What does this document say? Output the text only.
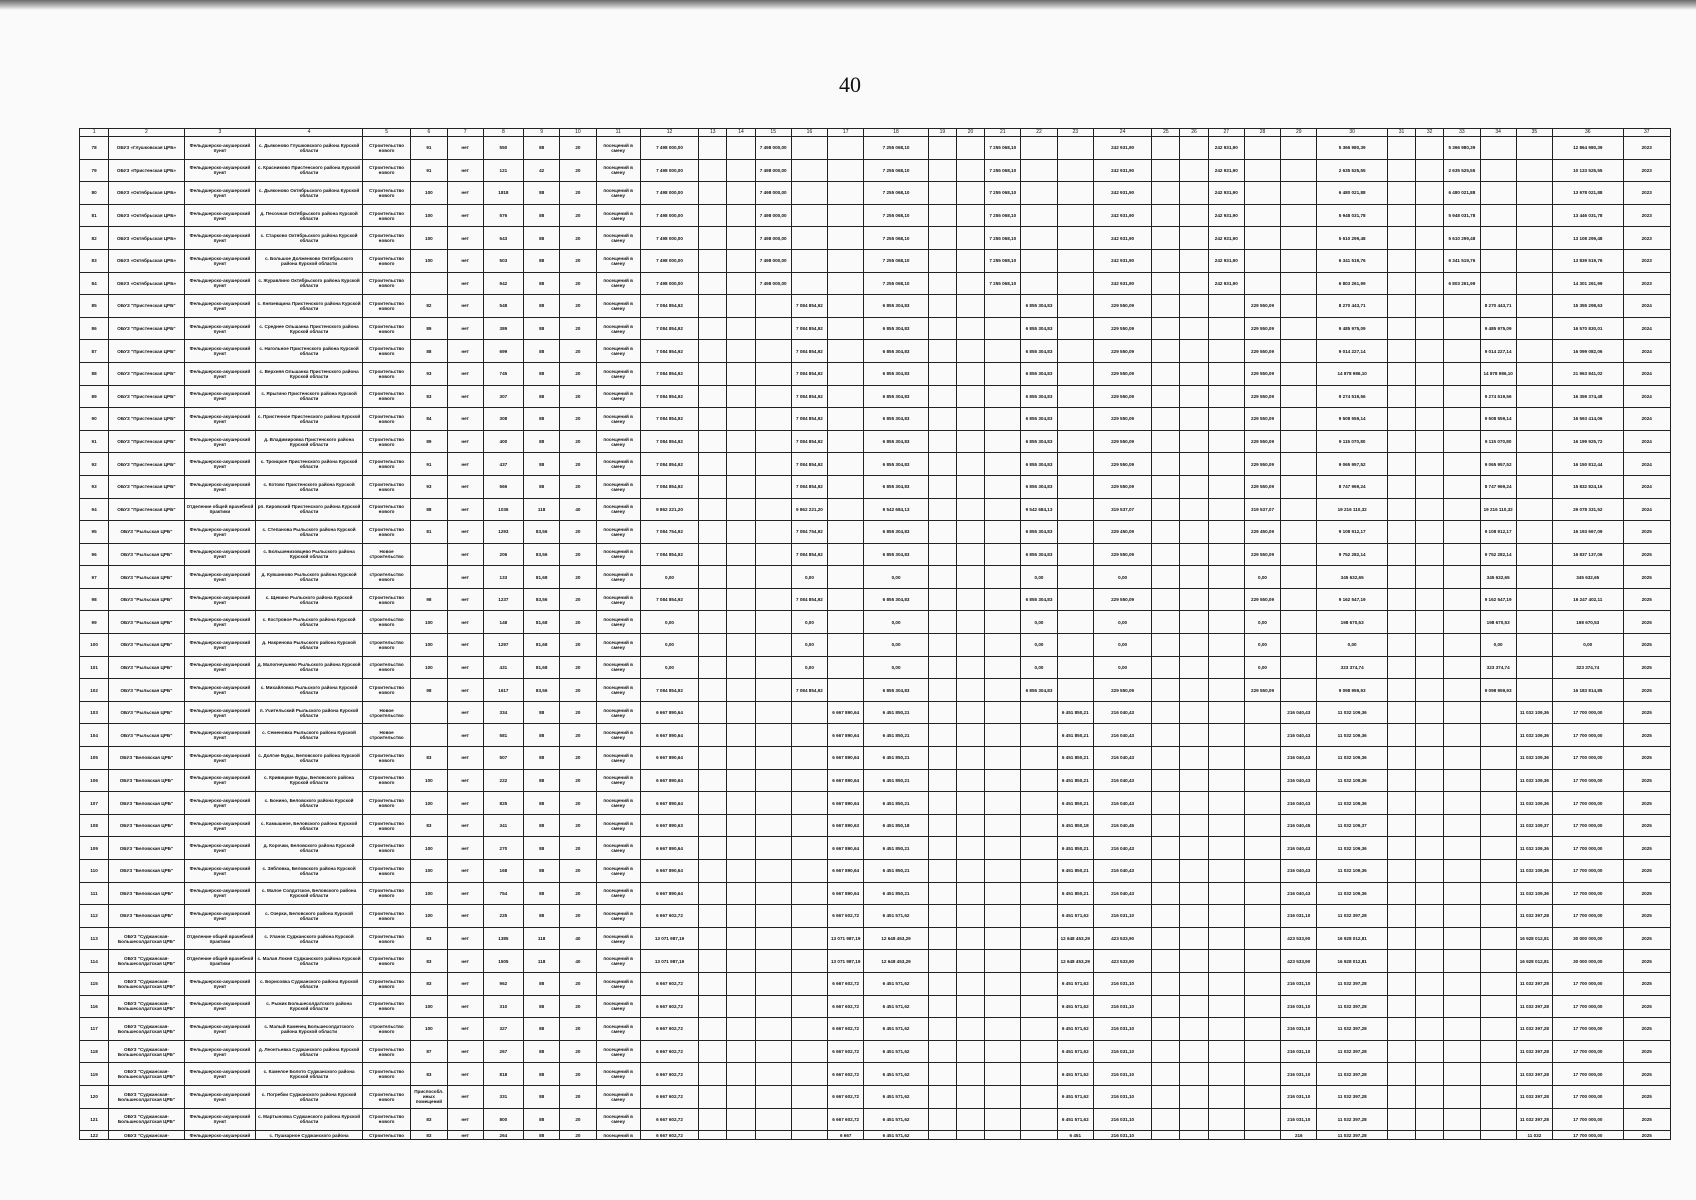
40
1	2	3	4	5	6	7	8	9	10	11	12	13	14	15	16	17	18	19	20	21	22	23	24	25	26	27	28	29	30	31	32	33	34	35	36	37
78	ОБУЗ «Глушковская ЦРБ»	Фельдшерско-акушерский пункт	с. Дьяконово Глушковского района Курской области	Строительство нового	91	нет	550	88	20	посещений в смену	7 498 000,00			7 498 000,00			7 255 068,10			7 255 068,10			242 931,90			242 931,90			5 366 980,39			5 366 980,39			12 864 980,39	2023
79	ОБУЗ «Пристенская ЦРБ»	Фельдшерско-акушерский пункт	с. Красниково Пристенского района Курской области	Строительство нового	91	нет	121	42	20	посещений в смену	7 498 000,00			7 498 000,00			7 255 068,10			7 255 068,10			242 931,90			242 931,90			2 635 525,55			2 635 525,55			10 133 525,55	2023
80	ОБУЗ «Октябрьская ЦРБ»	Фельдшерско-акушерский пункт	с. Дьяконово Октябрьского района Курской области	Строительство нового	100	нет	1818	88	20	посещений в смену	7 498 000,00			7 498 000,00			7 255 068,10			7 255 068,10			242 931,90			242 931,90			6 480 021,88			6 480 021,88			13 978 021,88	2023
81	ОБУЗ «Октябрьская ЦРБ»	Фельдшерско-акушерский пункт	д. Песочная Октябрьского района Курской области	Строительство нового	100	нет	576	88	20	посещений в смену	7 498 000,00			7 498 000,00			7 255 068,10			7 255 068,10			242 931,90			242 931,90			5 948 031,78			5 948 031,78			13 446 031,78	2023
82	ОБУЗ «Октябрьская ЦРБ»	Фельдшерско-акушерский пункт	с. Старково Октябрьского района Курской области	Строительство нового	100	нет	643	88	20	посещений в смену	7 498 000,00			7 498 000,00			7 255 068,10			7 255 068,10			242 931,90			242 931,90			5 610 299,48			5 610 299,48			13 108 299,48	2023
83	ОБУЗ «Октябрьская ЦРБ»	Фельдшерско-акушерский пункт	с. Большое Долженково Октябрьского района Курской области	Строительство нового	100	нет	503	88	20	посещений в смену	7 498 000,00			7 498 000,00			7 255 068,10			7 255 068,10			242 931,90			242 931,90			6 341 519,76			6 341 519,76			13 839 519,76	2023
84	ОБУЗ «Октябрьская ЦРБ»	Фельдшерско-акушерский пункт	с. Журавлино Октябрьского района Курской области	Строительство нового		нет	942	88	20	посещений в смену	7 498 000,00			7 498 000,00			7 255 068,10			7 255 068,10			242 931,90			242 931,90			6 803 261,99			6 803 261,99			14 301 261,99	2023
85	ОБУЗ "Пристенская ЦРБ"	Фельдшерско-акушерский пункт	с. Князевщина Пристенского района Курской области	Строительство нового	82	нет	548	88	20	посещений в смену	7 084 854,92				7 084 854,92		6 855 304,83				6 855 304,83		229 550,09				229 550,09		8 270 443,71				8 270 443,71		15 355 298,63	2024
86	ОБУЗ "Пристенская ЦРБ"	Фельдшерско-акушерский пункт	с. Среднее Ольшанка Пристенского района Курской области	Строительство нового	89	нет	389	88	20	посещений в смену	7 084 854,92				7 084 854,92		6 855 304,83				6 855 304,83		229 550,09				229 550,09		9 485 975,09				9 485 975,09		16 570 830,01	2024
87	ОБУЗ "Пристенская ЦРБ"	Фельдшерско-акушерский пункт	с. Нагольное Пристенского района Курской области	Строительство нового	88	нет	699	88	20	посещений в смену	7 084 854,92				7 084 854,92		6 855 304,83				6 855 304,83		229 550,09				229 550,09		9 014 227,14				9 014 227,14		16 099 082,06	2024
88	ОБУЗ "Пристенская ЦРБ"	Фельдшерско-акушерский пункт	с. Верхняя Ольшанка Пристенского района Курской области	Строительство нового	93	нет	745	88	20	посещений в смену	7 084 854,92				7 084 854,92		6 855 304,83				6 855 304,83		229 550,09				229 550,09		14 878 986,10				14 878 986,10		21 963 841,02	2024
89	ОБУЗ "Пристенская ЦРБ"	Фельдшерско-акушерский пункт	с. Ярыгино Пристенского района Курской области	Строительство нового	83	нет	307	88	20	посещений в смену	7 084 854,92				7 084 854,92		6 855 304,83				6 855 304,83		229 550,09				229 550,09		9 274 519,56				9 274 519,56		16 359 374,48	2024
90	ОБУЗ "Пристенская ЦРБ"	Фельдшерско-акушерский пункт	с. Пристенное Пристенского района Курской области	Строительство нового	84	нет	308	88	20	посещений в смену	7 084 854,92				7 084 854,92		6 855 304,83				6 855 304,83		229 550,09				229 550,09		9 508 559,14				9 508 559,14		16 593 414,06	2024
91	ОБУЗ "Пристенская ЦРБ"	Фельдшерско-акушерский пункт	д. Владимировка Пристенского района Курской области	Строительство нового	89	нет	400	88	20	посещений в смену	7 084 854,92				7 084 854,92		6 855 304,83				6 855 304,83		229 550,09				229 550,09		9 115 070,80				9 115 070,80		16 199 925,72	2024
92	ОБУЗ "Пристенская ЦРБ"	Фельдшерско-акушерский пункт	с. Троицкое Пристенского района Курской области	Строительство нового	91	нет	437	88	20	посещений в смену	7 084 854,92				7 084 854,92		6 855 304,83				6 855 304,83		229 550,09				229 550,09		9 065 957,52				9 065 957,52		16 150 812,44	2024
93	ОБУЗ "Пристенская ЦРБ"	Фельдшерско-акушерский пункт	с. Котово Пристенского района Курской области	Строительство нового	93	нет	566	88	20	посещений в смену	7 084 854,92				7 084 854,92		6 855 304,83				6 855 304,83		229 550,09				229 550,09		8 747 969,24				8 747 969,24		15 832 824,16	2024
94	ОБУЗ "Пристенская ЦРБ"	Отделение общей врачебной практики	рп. Кировский Пристенского района Курской области	Строительство нового	88	нет	1036	118	40	посещений в смену	9 862 221,20				9 862 221,20		9 542 684,13				9 542 684,13		319 537,07				319 537,07		19 216 110,32				19 216 110,32		29 078 331,52	2024
95	ОБУЗ "Рыльская ЦРБ"	Фельдшерско-акушерский пункт	с. Степанова Рыльского района Курской области	Строительство нового	81	нет	1293	83,56	20	посещений в смену	7 084 754,92				7 084 754,92		6 855 304,83				6 855 304,83		229 450,09				229 450,09		9 108 912,17				9 108 912,17		16 193 667,09	2025
96	ОБУЗ "Рыльская ЦРБ"	Фельдшерско-акушерский пункт	с. Большенизовцево Рыльского района Курской области	Новое строительство		нет	206	83,56	20	посещений в смену	7 084 854,92				7 084 854,92		6 855 304,83				6 855 304,83		229 550,09				229 550,09		9 752 282,14				9 752 282,14		16 837 137,06	2025
97	ОБУЗ "Рыльская ЦРБ"	Фельдшерско-акушерский пункт	д. Кувшиново Рыльского района Курской области	строительство нового		нет	133	81,68	20	посещений в смену	0,00				0,00		0,00				0,00		0,00				0,00		345 632,65				345 632,65		345 632,65	2025
98	ОБУЗ "Рыльская ЦРБ"	Фельдшерско-акушерский пункт	с. Щекино Рыльского района Курской области	Строительство нового	98	нет	1237	83,56	20	посещений в смену	7 084 854,92				7 084 854,92		6 855 304,83				6 855 304,83		229 550,09				229 550,09		9 162 547,19				9 162 547,19		16 247 402,11	2025
99	ОБУЗ "Рыльская ЦРБ"	Фельдшерско-акушерский пункт	с. Костровое Рыльского района Курской области	строительство нового	100	нет	148	81,68	20	посещений в смену	0,00				0,00		0,00				0,00		0,00				0,00		198 670,53				198 670,53		198 670,53	2025
100	ОБУЗ "Рыльская ЦРБ"	Фельдшерско-акушерский пункт	д. Накренова Рыльского района Курской области	строительство нового	100	нет	1297	81,68	20	посещений в смену	0,00				0,00		0,00				0,00		0,00				0,00		0,00				0,00		0,00	2025
101	ОБУЗ "Рыльская ЦРБ"	Фельдшерско-акушерский пункт	д. Малогнеушево Рыльского района Курской области	строительство нового	100	нет	431	81,68	20	посещений в смену	0,00				0,00		0,00				0,00		0,00				0,00		323 374,74				323 374,74		323 374,74	2025
102	ОБУЗ "Рыльская ЦРБ"	Фельдшерско-акушерский пункт	с. Михайловка Рыльского района Курской области	Строительство нового	98	нет	1617	83,56	20	посещений в смену	7 084 854,92				7 084 854,92		6 855 304,83				6 855 304,83		229 550,09				229 550,09		9 098 959,93				9 098 959,93		16 183 814,85	2025
103	ОБУЗ "Рыльская ЦРБ"	Фельдшерско-акушерский пункт	п. Учительский Рыльского района Курской области	Новое строительство		нет	334	88	20	посещений в смену	6 667 890,64					6 667 890,64	6 451 850,21					6 451 850,21	216 040,43					216 040,43	11 032 109,36					11 032 109,36	17 700 000,00	2025
104	ОБУЗ "Рыльская ЦРБ"	Фельдшерско-акушерский пункт	с. Семеновка Рыльского района Курской области	Новое строительство		нет	581	88	20	посещений в смену	6 667 890,64					6 667 890,64	6 451 850,21					6 451 850,21	216 040,43					216 040,43	11 032 109,36					11 032 109,36	17 700 000,00	2025
105	ОБУЗ "Беловская ЦРБ"	Фельдшерско-акушерский пункт	с. Долгие Буды, Беловского района Курской области	Строительство нового	83	нет	507	88	20	посещений в смену	6 667 890,64					6 667 890,64	6 451 850,21					6 451 850,21	216 040,43					216 040,43	11 032 109,36					11 032 109,36	17 700 000,00	2025
106	ОБУЗ "Беловская ЦРБ"	Фельдшерско-акушерский пункт	с. Кривицкие Буды, Беловского района Курской области	Строительство нового	100	нет	222	88	20	посещений в смену	6 667 890,64					6 667 890,64	6 451 850,21					6 451 850,21	216 040,43					216 040,43	11 032 109,36					11 032 109,36	17 700 000,00	2025
107	ОБУЗ "Беловская ЦРБ"	Фельдшерско-акушерский пункт	с. Бонино, Беловского района Курской области	Строительство нового	100	нет	825	88	20	посещений в смену	6 667 890,64					6 667 890,64	6 451 850,21					6 451 850,21	216 040,43					216 040,43	11 032 109,36					11 032 109,36	17 700 000,00	2025
108	ОБУЗ "Беловская ЦРБ"	Фельдшерско-акушерский пункт	с. Камышное, Беловского района Курской области	Строительство нового	83	нет	341	88	20	посещений в смену	6 667 890,63					6 667 890,63	6 451 850,18					6 451 850,18	216 040,45					216 040,45	11 032 109,37					11 032 109,37	17 700 000,00	2025
109	ОБУЗ "Беловская ЦРБ"	Фельдшерско-акушерский пункт	д. Корочки, Беловского района Курской области	Строительство нового	100	нет	270	88	20	посещений в смену	6 667 890,64					6 667 890,64	6 451 850,21					6 451 850,21	216 040,43					216 040,43	11 032 109,36					11 032 109,36	17 700 000,00	2025
110	ОБУЗ "Беловская ЦРБ"	Фельдшерско-акушерский пункт	с. Зябловка, Беловского района Курской области	Строительство нового	100	нет	168	88	20	посещений в смену	6 667 890,64					6 667 890,64	6 451 850,21					6 451 850,21	216 040,43					216 040,43	11 032 109,36					11 032 109,36	17 700 000,00	2025
111	ОБУЗ "Беловская ЦРБ"	Фельдшерско-акушерский пункт	с. Малое Солдатское, Беловского района Курской области	Строительство нового	100	нет	754	88	20	посещений в смену	6 667 890,64					6 667 890,64	6 451 850,21					6 451 850,21	216 040,43					216 040,43	11 032 109,36					11 032 109,36	17 700 000,00	2025
112	ОБУЗ "Беловская ЦРБ"	Фельдшерско-акушерский пункт	с. Озерки, Беловского района Курской области	Строительство нового	100	нет	225	88	20	посещений в смену	6 667 602,72					6 667 602,72	6 451 571,62					6 451 571,62	216 031,10					216 031,10	11 032 397,28					11 032 397,28	17 700 000,00	2025
113	ОБУЗ "Суджанская-Большесолдатская ЦРБ"	Отделение общей врачебной практики	с. Уланок Суджанского района Курской области	Строительство нового	83	нет	1385	118	40	посещений в смену	13 071 987,19					13 071 987,19	12 648 453,29					12 648 453,29	423 533,90					423 533,90	16 928 012,81					16 928 012,81	30 000 000,00	2025
114	ОБУЗ "Суджанская-Большесолдатская ЦРБ"	Отделение общей врачебной практики	с. Малая Локня Суджанского района Курской области	Строительство нового	83	нет	1505	118	40	посещений в смену	13 071 987,19					13 071 987,19	12 648 453,29					12 648 453,29	423 533,90					423 533,90	16 928 012,81					16 928 012,81	30 000 000,00	2025
115	ОБУЗ "Суджанская-Большесолдатская ЦРБ"	Фельдшерско-акушерский пункт	с. Борисовка Суджанского района Курской области	Строительство нового	83	нет	962	88	20	посещений в смену	6 667 602,72					6 667 602,72	6 451 571,62					6 451 571,62	216 031,10					216 031,10	11 032 397,28					11 032 397,28	17 700 000,00	2025
116	ОБУЗ "Суджанская-Большесолдатская ЦРБ"	Фельдшерско-акушерский пункт	с. Рыжик Большесолдатского района Курской области	Строительство нового	100	нет	310	88	20	посещений в смену	6 667 602,72					6 667 602,72	6 451 571,62					6 451 571,62	216 031,10					216 031,10	11 032 397,28					11 032 397,28	17 700 000,00	2025
117	ОБУЗ "Суджанская-Большесолдатская ЦРБ"	Фельдшерско-акушерский пункт	с. Малый Каменец Большесолдатского района Курской области	строительство нового	100	нет	327	88	20	посещений в смену	6 667 602,72					6 667 602,72	6 451 571,62					6 451 571,62	216 031,10					216 031,10	11 032 397,28					11 032 397,28	17 700 000,00	2025
118	ОБУЗ "Суджанская-Большесолдатская ЦРБ"	Фельдшерско-акушерский пункт	д. Леонтьевка Суджанского района Курской области	Строительство нового	87	нет	267	88	20	посещений в смену	6 667 602,72					6 667 602,72	6 451 571,62					6 451 571,62	216 031,10					216 031,10	11 032 397,28					11 032 397,28	17 700 000,00	2025
119	ОБУЗ "Суджанская-Большесолдатская ЦРБ"	Фельдшерско-акушерский пункт	с. Камелое Болото Суджанского района Курской области	Строительство нового	83	нет	818	88	20	посещений в смену	6 667 602,72					6 667 602,72	6 451 571,62					6 451 571,62	216 031,10					216 031,10	11 032 397,28					11 032 397,28	17 700 000,00	2025
120	ОБУЗ "Суджанская-Большесолдатская ЦРБ"	Фельдшерско-акушерский пункт	с. Погребки Суджанского района Курской области	Строительство нового	Приспособл. иных помещений	нет	331	88	20	посещений в смену	6 667 602,72					6 667 602,72	6 451 571,62					6 451 571,62	216 031,10					216 031,10	11 032 397,28					11 032 397,28	17 700 000,00	2025
121	ОБУЗ "Суджанская-Большесолдатская ЦРБ"	Фельдшерско-акушерский пункт	с. Мартыновка Суджанского района Курской области	Строительство нового	83	нет	800	88	20	посещений в смену	6 667 602,72					6 667 602,72	6 451 571,62					6 451 571,62	216 031,10					216 031,10	11 032 397,28					11 032 397,28	17 700 000,00	2025
122	ОБУЗ "Суджанская-	Фельдшерско-акушерский	с. Пушкарное Суджанского района	Строительство	83	нет	264	88	20	посещений в	6 667 602,72					6 667	6 451 571,62					6 451	216 031,10					216	11 032 397,28					11 032	17 700 000,00	2025
